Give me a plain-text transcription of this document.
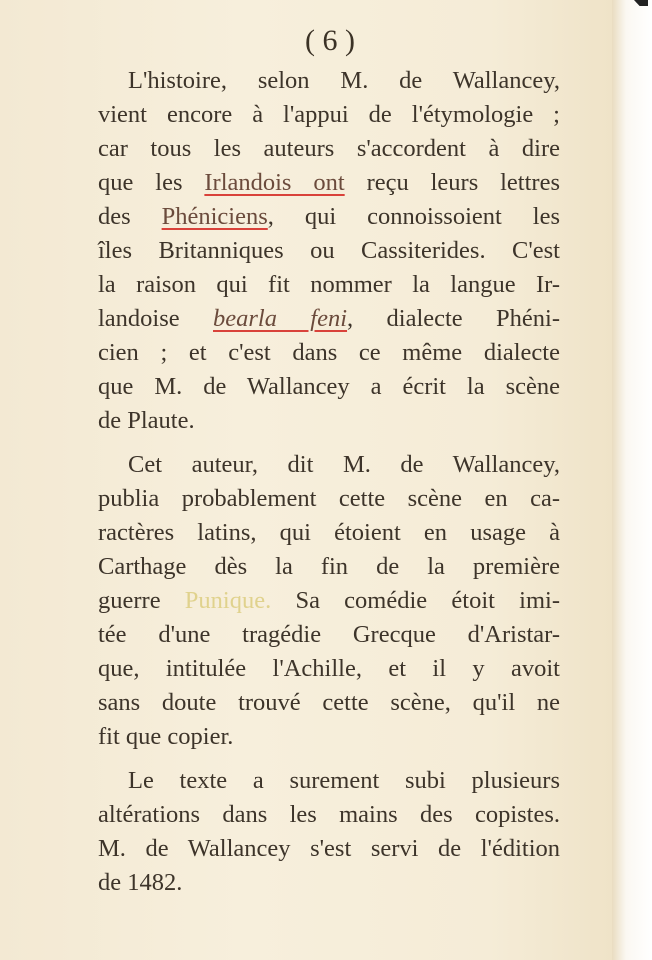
( 6 )
L'histoire, selon M. de Wallancey,
vient encore à l'appui de l'étymologie ;
car tous les auteurs s'accordent à dire
que les Irlandois ont reçu leurs lettres
des Phéniciens, qui connoissoient les
îles Britanniques ou Cassiterides. C'est
la raison qui fit nommer la langue Ir-
landoise bearla feni, dialecte Phéni-
cien ; et c'est dans ce même dialecte
que M. de Wallancey a écrit la scène
de Plaute.
Cet auteur, dit M. de Wallancey,
publia probablement cette scène en ca-
ractères latins, qui étoient en usage à
Carthage dès la fin de la première
guerre Punique. Sa comédie étoit imi-
tée d'une tragédie Grecque d'Aristar-
que, intitulée l'Achille, et il y avoit
sans doute trouvé cette scène, qu'il ne
fit que copier.
Le texte a surement subi plusieurs
altérations dans les mains des copistes.
M. de Wallancey s'est servi de l'édition
de 1482.
